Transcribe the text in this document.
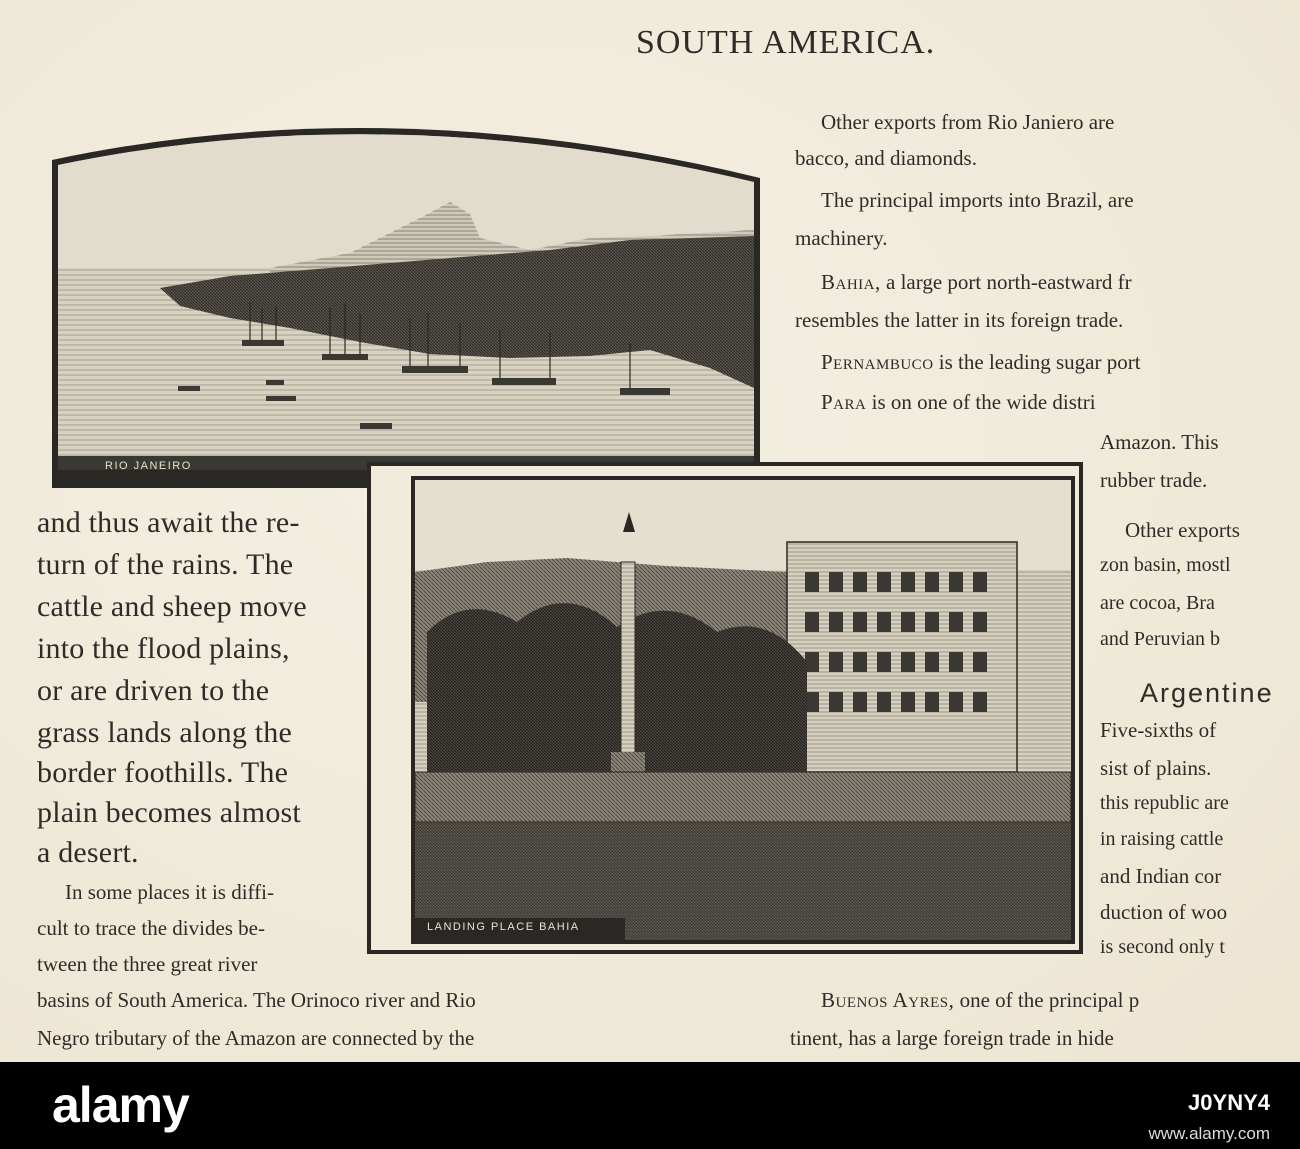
SOUTH AMERICA.
Other exports from Rio Janiero are
bacco, and diamonds.
The principal imports into Brazil, are
machinery.
Bahia, a large port north-eastward fr
resembles the latter in its foreign trade.
Pernambuco is the leading sugar port
Para is on one of the wide distri
Amazon. This
rubber trade.
Other exports
zon basin, mostl
are cocoa, Bra
and Peruvian b
Argentine
Five-sixths of
sist of plains.
this republic are
in raising cattle
and Indian cor
duction of woo
is second only t
and thus await the re-
turn of the rains. The
cattle and sheep move
into the flood plains,
or are driven to the
grass lands along the
border foothills. The
plain becomes almost
a desert.
In some places it is diffi-
cult to trace the divides be-
tween the three great river
basins of South America. The Orinoco river and Rio
Negro tributary of the Amazon are connected by the
Buenos Ayres, one of the principal p
tinent, has a large foreign trade in hide
RIO JANEIRO
LANDING PLACE BAHIA
alamy	J0YNY4
www.alamy.com
